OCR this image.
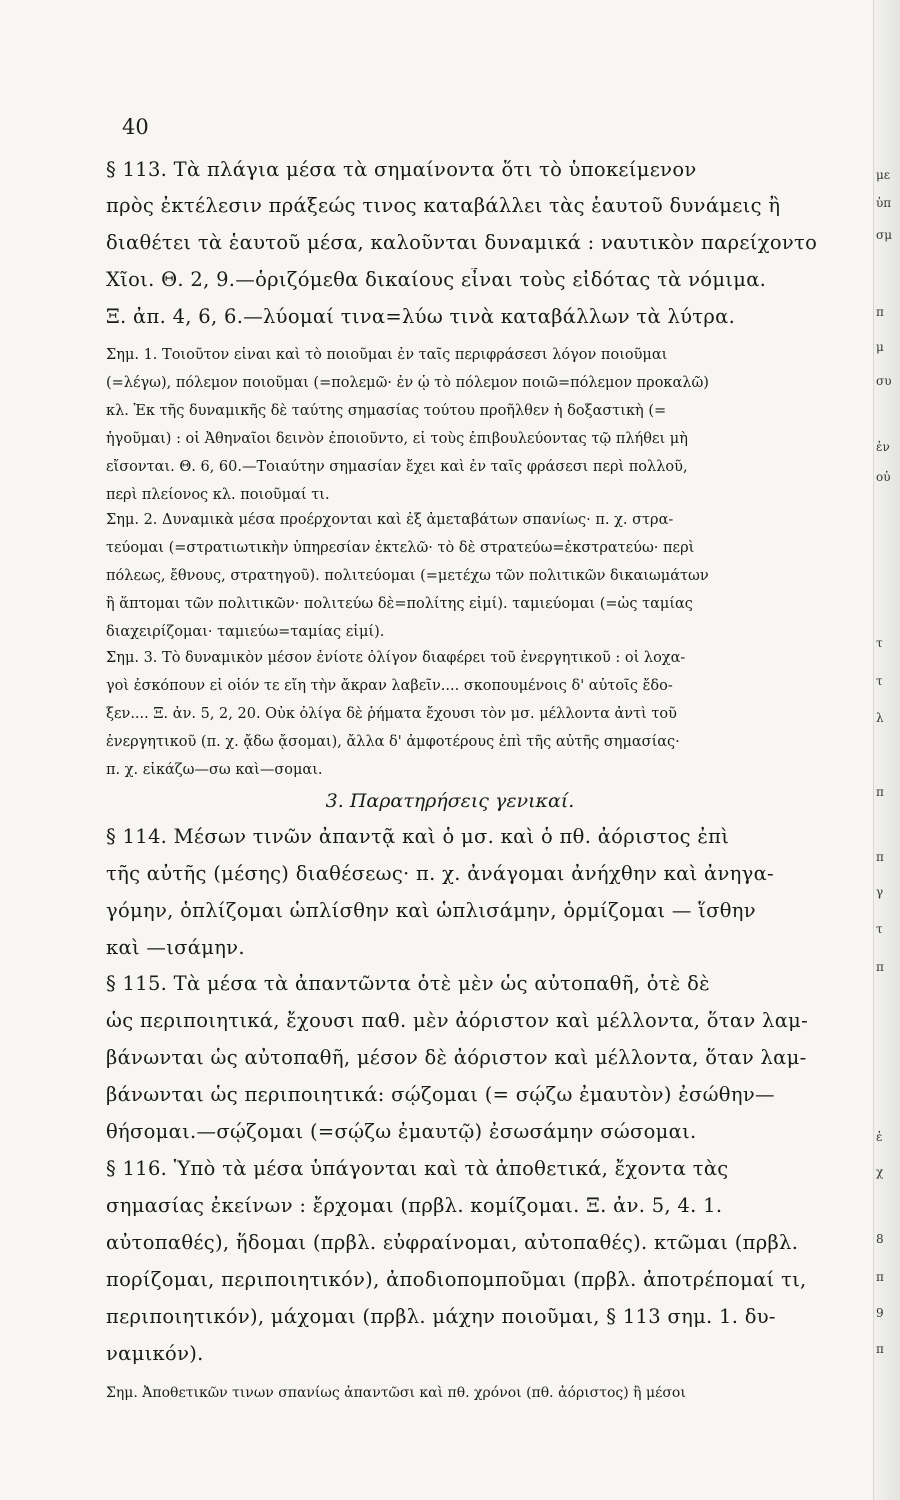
40
§ 113. Τὰ πλάγια μέσα τὰ σημαίνοντα ὅτι τὸ ὑποκείμενον
πρὸς ἐκτέλεσιν πράξεώς τινος καταβάλλει τὰς ἑαυτοῦ δυνάμεις ἢ
διαθέτει τὰ ἑαυτοῦ μέσα, καλοῦνται δυναμικά : ναυτικὸν παρείχοντο
Χῖοι. Θ. 2, 9.—ὁριζόμεθα δικαίους εἶναι τοὺς εἰδότας τὰ νόμιμα.
Ξ. ἀπ. 4, 6, 6.—λύομαί τινα=λύω τινὰ καταβάλλων τὰ λύτρα.
Σημ. 1. Τοιοῦτον εἶναι καὶ τὸ ποιοῦμαι ἐν ταῖς περιφράσεσι λόγον ποιοῦμαι
(=λέγω), πόλεμον ποιοῦμαι (=πολεμῶ· ἐν ᾧ τὸ πόλεμον ποιῶ=πόλεμον προκαλῶ)
κλ. Ἐκ τῆς δυναμικῆς δὲ ταύτης σημασίας τούτου προῆλθεν ἡ δοξαστικὴ (=
ἡγοῦμαι) : οἱ Ἀθηναῖοι δεινὸν ἐποιοῦντο, εἰ τοὺς ἐπιβουλεύοντας τῷ πλήθει μὴ
εἴσονται. Θ. 6, 60.—Τοιαύτην σημασίαν ἔχει καὶ ἐν ταῖς φράσεσι περὶ πολλοῦ,
περὶ πλείονος κλ. ποιοῦμαί τι.
Σημ. 2. Δυναμικὰ μέσα προέρχονται καὶ ἐξ ἀμεταβάτων σπανίως· π. χ. στρα-
τεύομαι (=στρατιωτικὴν ὑπηρεσίαν ἐκτελῶ· τὸ δὲ στρατεύω=ἐκστρατεύω· περὶ
πόλεως, ἔθνους, στρατηγοῦ). πολιτεύομαι (=μετέχω τῶν πολιτικῶν δικαιωμάτων
ἢ ἅπτομαι τῶν πολιτικῶν· πολιτεύω δὲ=πολίτης εἰμί). ταμιεύομαι (=ὡς ταμίας
διαχειρίζομαι· ταμιεύω=ταμίας εἰμί).
Σημ. 3. Τὸ δυναμικὸν μέσον ἐνίοτε ὀλίγον διαφέρει τοῦ ἐνεργητικοῦ : οἱ λοχα-
γοὶ ἐσκόπουν εἰ οἷόν τε εἴη τὴν ἄκραν λαβεῖν.... σκοπουμένοις δ' αὐτοῖς ἔδο-
ξεν.... Ξ. ἀν. 5, 2, 20. Οὐκ ὀλίγα δὲ ῥήματα ἔχουσι τὸν μσ. μέλλοντα ἀντὶ τοῦ
ἐνεργητικοῦ (π. χ. ᾄδω ᾄσομαι), ἄλλα δ' ἀμφοτέρους ἐπὶ τῆς αὐτῆς σημασίας·
π. χ. εἰκάζω—σω καὶ—σομαι.
§ 114. Μέσων τινῶν ἀπαντᾷ καὶ ὁ μσ. καὶ ὁ πθ. ἀόριστος ἐπὶ
τῆς αὐτῆς (μέσης) διαθέσεως· π. χ. ἀνάγομαι ἀνήχθην καὶ ἀνηγα-
γόμην, ὁπλίζομαι ὡπλίσθην καὶ ὡπλισάμην, ὁρμίζομαι — ἵσθην
καὶ —ισάμην.
§ 115. Τὰ μέσα τὰ ἀπαντῶντα ὁτὲ μὲν ὡς αὐτοπαθῆ, ὁτὲ δὲ
ὡς περιποιητικά, ἔχουσι παθ. μὲν ἀόριστον καὶ μέλλοντα, ὅταν λαμ-
βάνωνται ὡς αὐτοπαθῆ, μέσον δὲ ἀόριστον καὶ μέλλοντα, ὅταν λαμ-
βάνωνται ὡς περιποιητικά: σῴζομαι (= σῴζω ἐμαυτὸν) ἐσώθην—
θήσομαι.—σῴζομαι (=σῴζω ἐμαυτῷ) ἐσωσάμην σώσομαι.
§ 116. Ὑπὸ τὰ μέσα ὑπάγονται καὶ τὰ ἀποθετικά, ἔχοντα τὰς
σημασίας ἐκείνων : ἔρχομαι (πρβλ. κομίζομαι. Ξ. ἀν. 5, 4. 1.
αὐτοπαθές), ἥδομαι (πρβλ. εὐφραίνομαι, αὐτοπαθές). κτῶμαι (πρβλ.
πορίζομαι, περιποιητικόν), ἀποδιοπομποῦμαι (πρβλ. ἀποτρέπομαί τι,
περιποιητικόν), μάχομαι (πρβλ. μάχην ποιοῦμαι, § 113 σημ. 1. δυ-
ναμικόν).
Σημ. Ἀποθετικῶν τινων σπανίως ἀπαντῶσι καὶ πθ. χρόνοι (πθ. ἀόριστος) ἢ μέσοι
3. Παρατηρήσεις γενικαί.
με
ὑπ
σμ
π
μ
συ
ἐν
οὐ
τ
τ
λ
π
π
γ
τ
π
ἐ
χ
8
π
9
π
